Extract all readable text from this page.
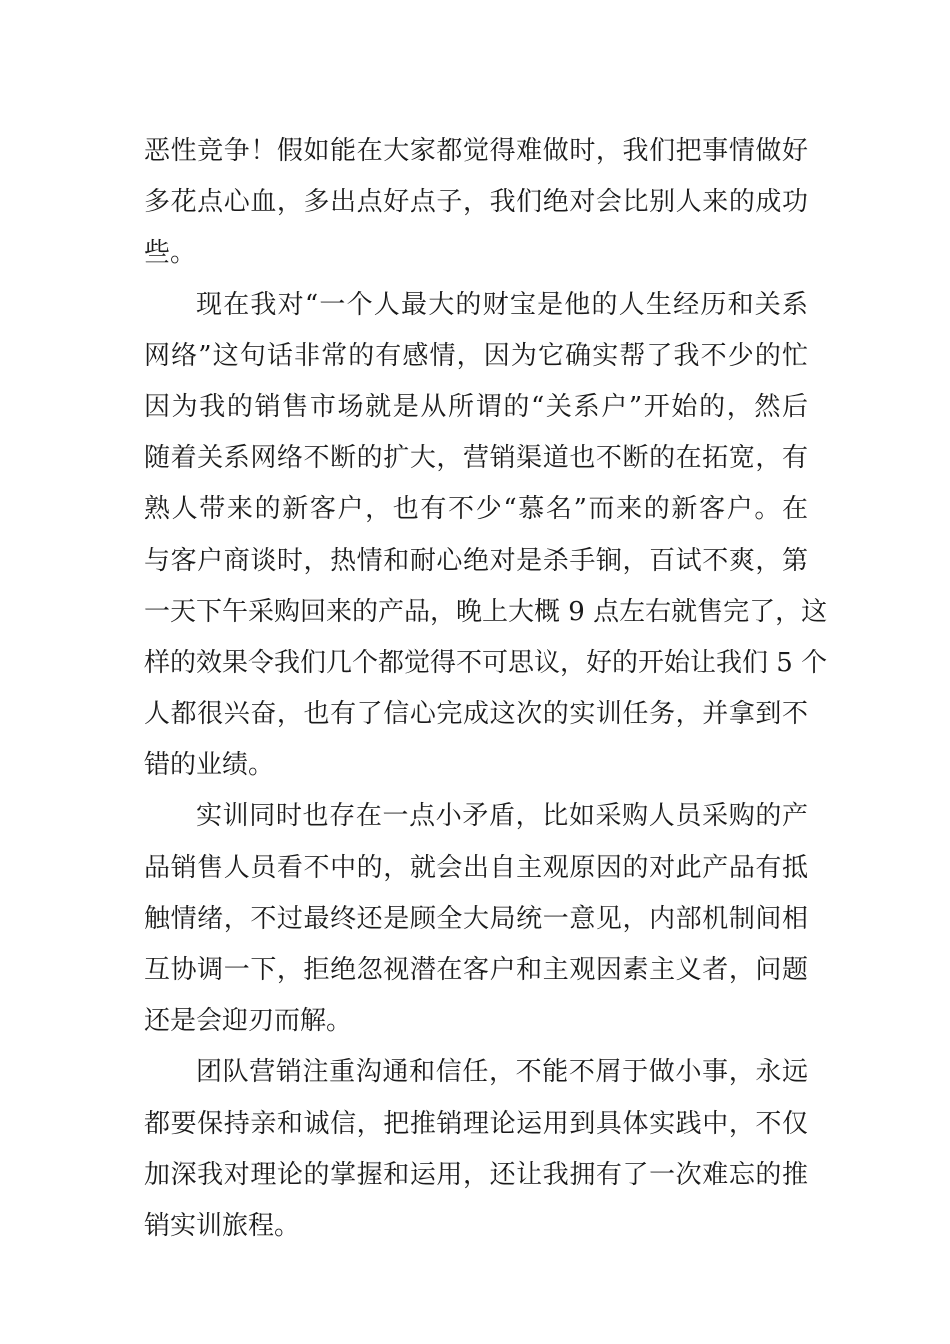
恶性竞争！假如能在大家都觉得难做时，我们把事情做好
多花点心血，多出点好点子，我们绝对会比别人来的成功
些。
现在我对“一个人最大的财宝是他的人生经历和关系
网络”这句话非常的有感情，因为它确实帮了我不少的忙
因为我的销售市场就是从所谓的“关系户”开始的，然后
随着关系网络不断的扩大，营销渠道也不断的在拓宽，有
熟人带来的新客户，也有不少“慕名”而来的新客户。在
与客户商谈时，热情和耐心绝对是杀手锏，百试不爽，第
一天下午采购回来的产品，晚上大概 9 点左右就售完了，这
样的效果令我们几个都觉得不可思议，好的开始让我们 5 个
人都很兴奋，也有了信心完成这次的实训任务，并拿到不
错的业绩。
实训同时也存在一点小矛盾，比如采购人员采购的产
品销售人员看不中的，就会出自主观原因的对此产品有抵
触情绪，不过最终还是顾全大局统一意见，内部机制间相
互协调一下，拒绝忽视潜在客户和主观因素主义者，问题
还是会迎刃而解。
团队营销注重沟通和信任，不能不屑于做小事，永远
都要保持亲和诚信，把推销理论运用到具体实践中，不仅
加深我对理论的掌握和运用，还让我拥有了一次难忘的推
销实训旅程。
